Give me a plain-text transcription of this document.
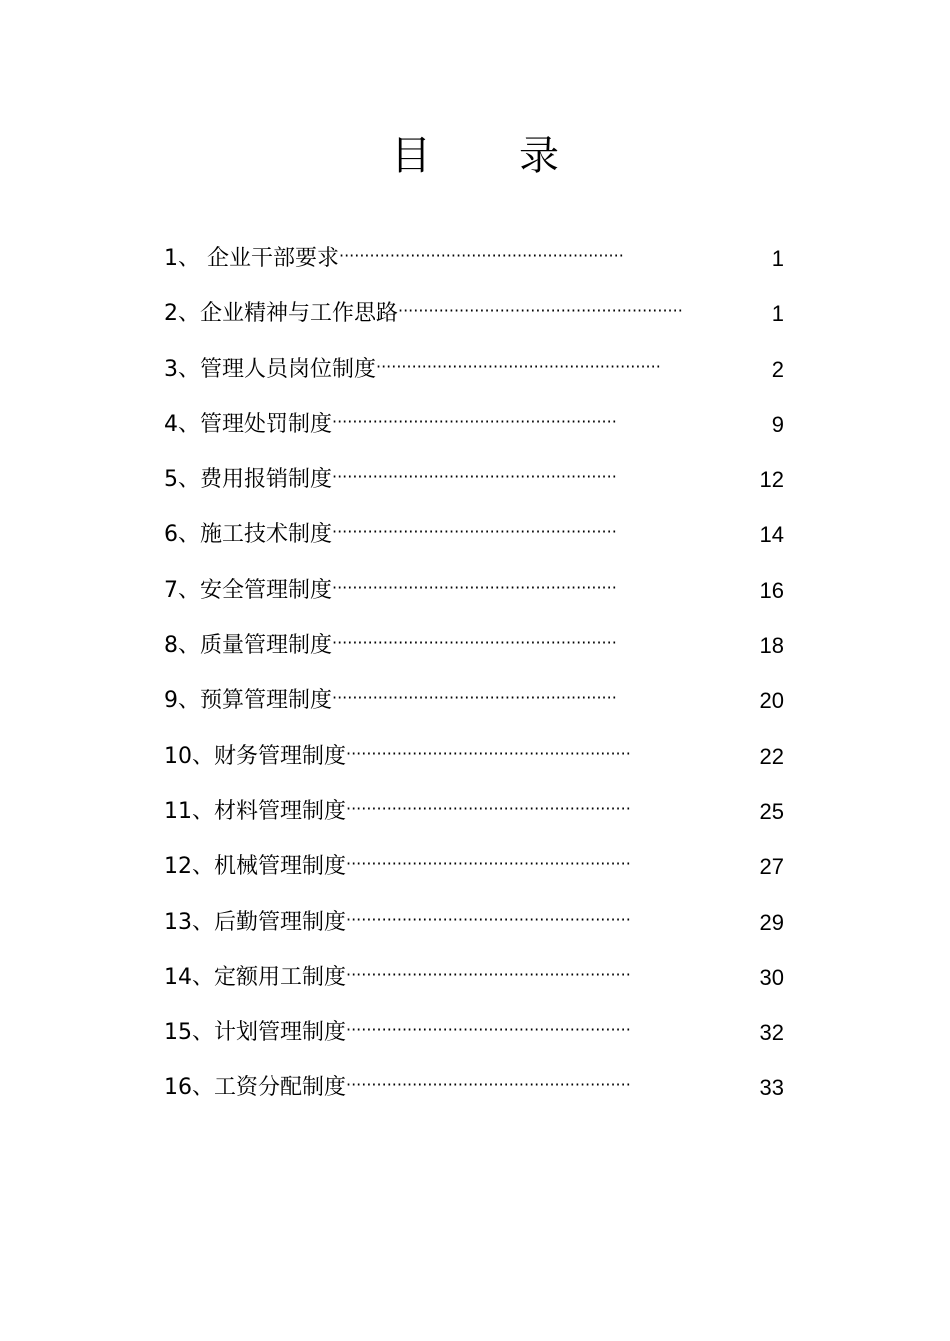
目 录
1、 企业干部要求 ························································	1
2、企业精神与工作思路 ························································	1
3、管理人员岗位制度 ························································	2
4、管理处罚制度 ························································	9
5、费用报销制度 ························································	12
6、施工技术制度 ························································	14
7、安全管理制度 ························································	16
8、质量管理制度 ························································	18
9、预算管理制度 ························································	20
10、财务管理制度 ························································	22
11、材料管理制度 ························································	25
12、机械管理制度 ························································	27
13、后勤管理制度 ························································	29
14、定额用工制度 ························································	30
15、计划管理制度 ························································	32
16、工资分配制度 ························································	33
